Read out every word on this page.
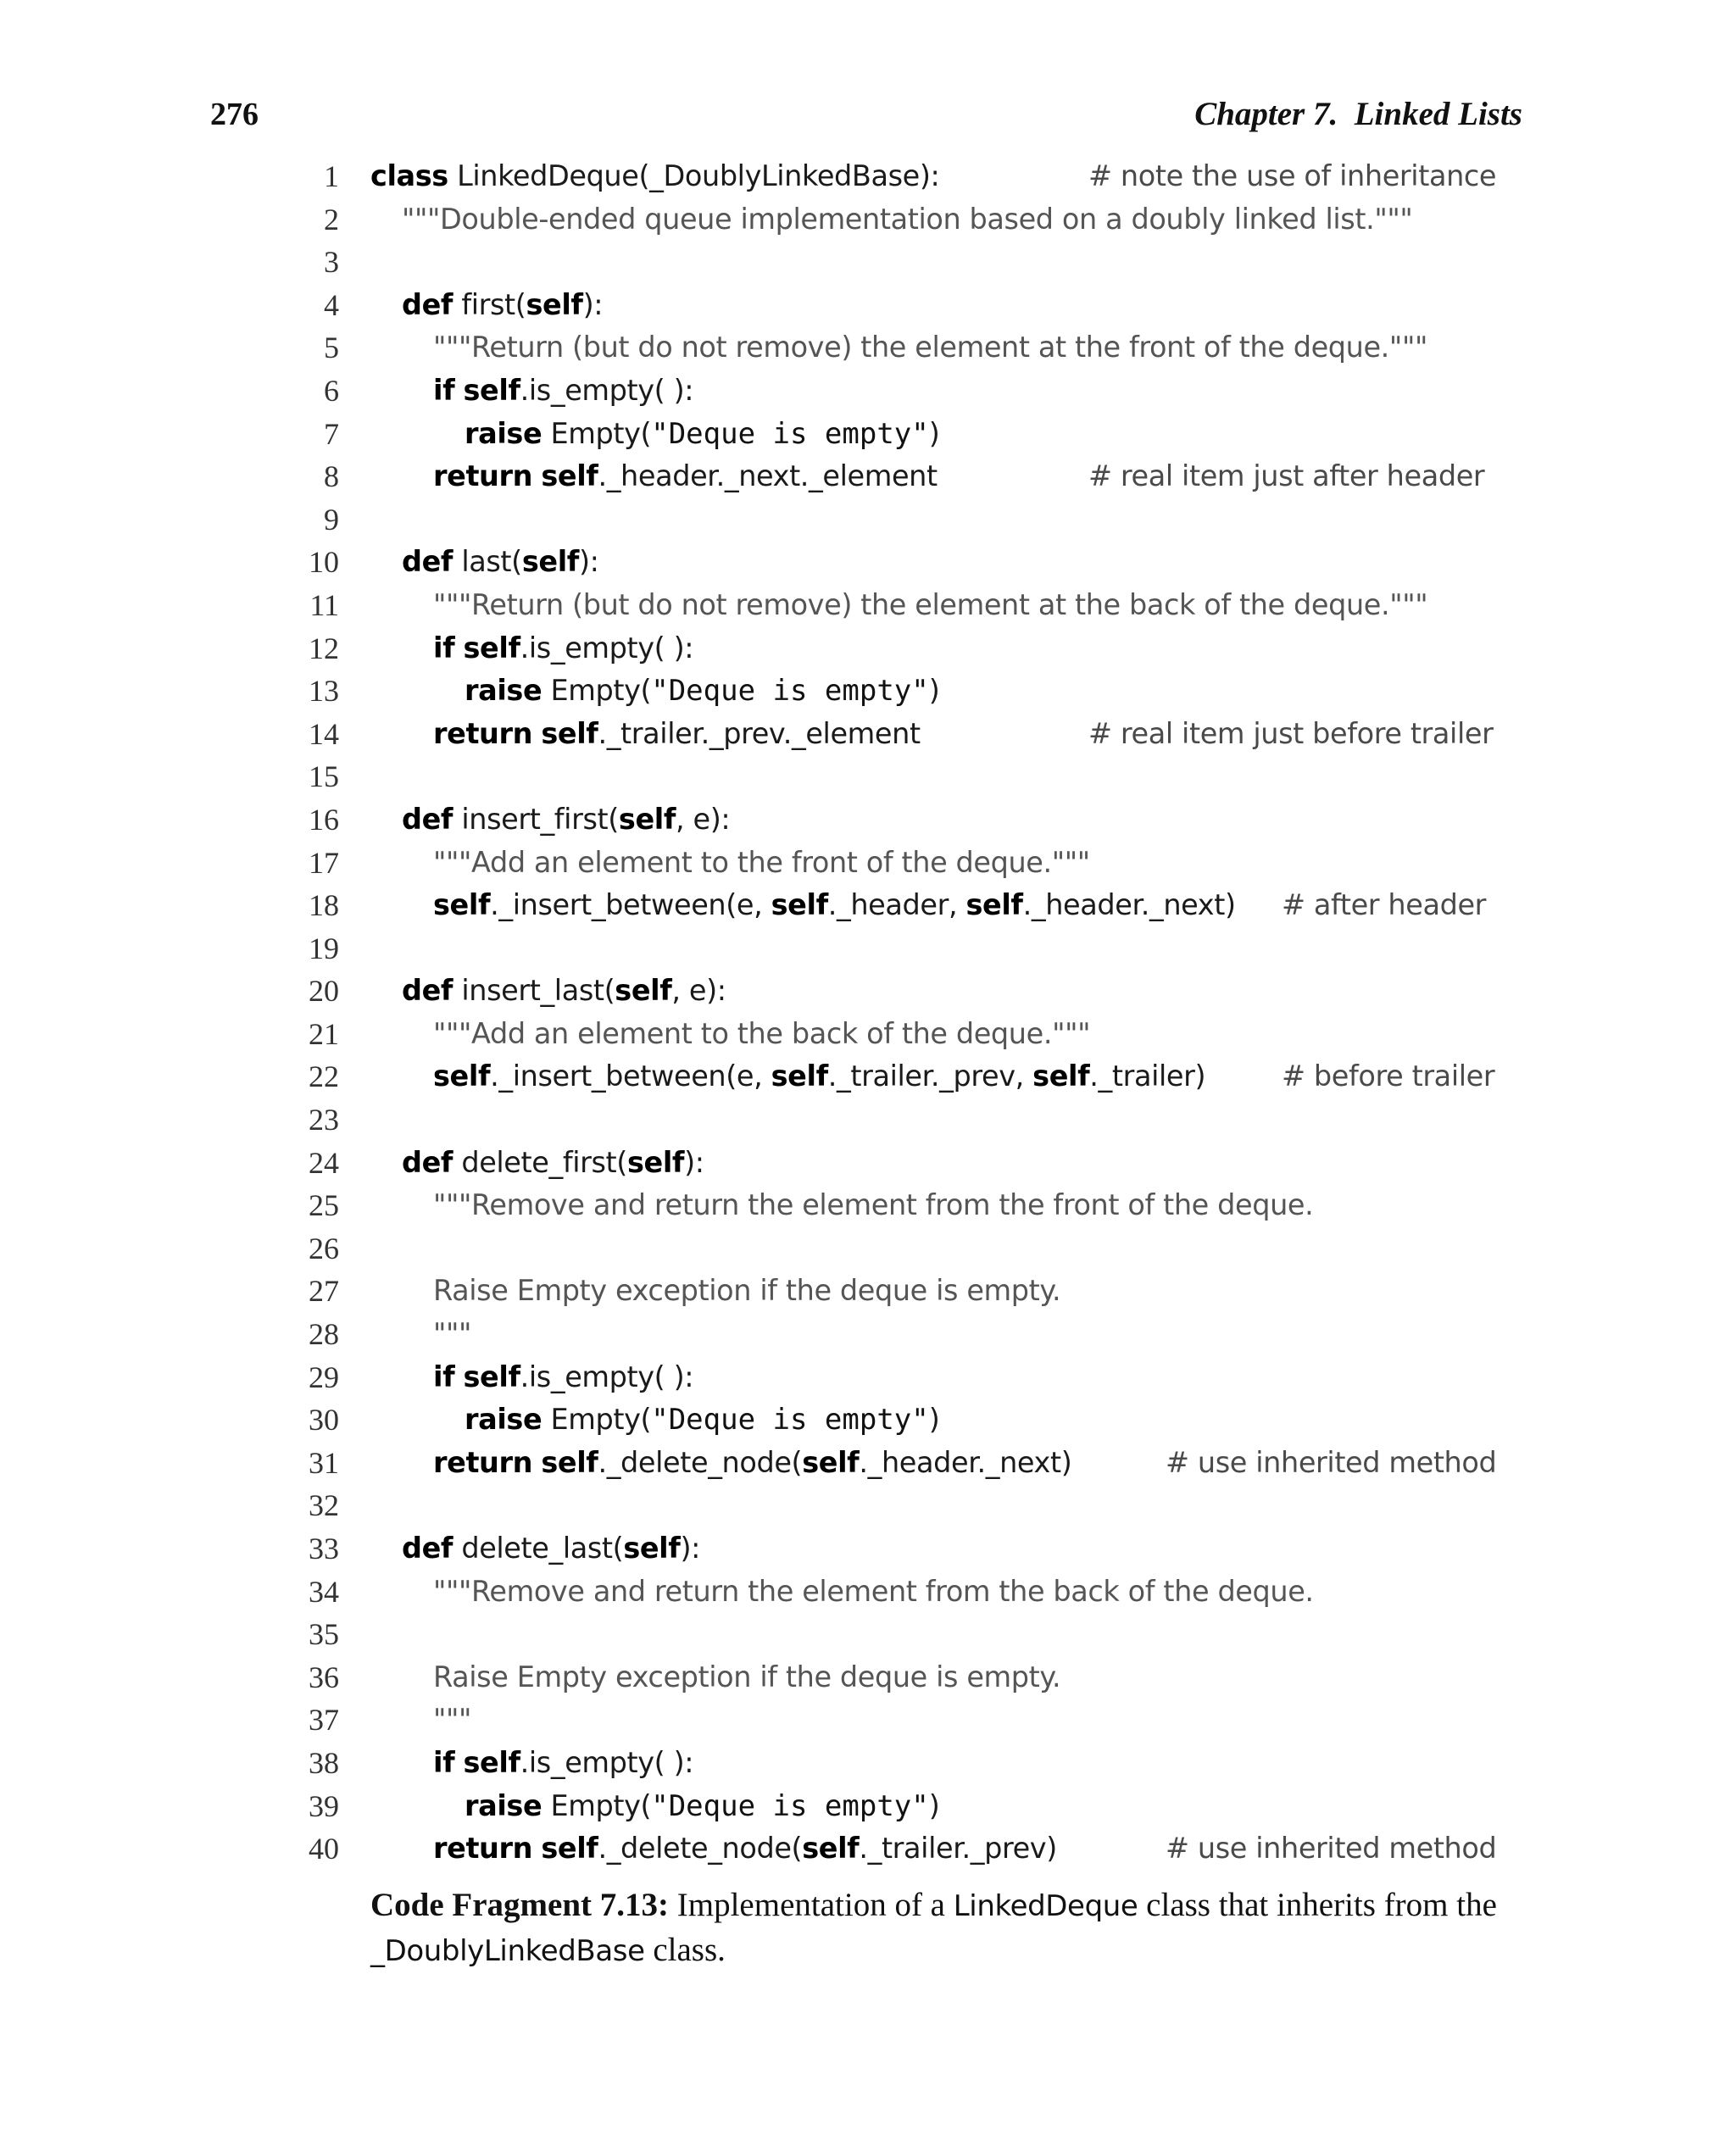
276	Chapter 7.  Linked Lists
1 class LinkedDeque(_DoublyLinkedBase):	# note the use of inheritance
2 """Double-ended queue implementation based on a doubly linked list."""
3
4 def first(self):
5	"""Return (but do not remove) the element at the front of the deque."""
6	if self.is_empty( ):
7	raise Empty("Deque is empty")
8	return self._header._next._element	# real item just after header
9
10 def last(self):
11	"""Return (but do not remove) the element at the back of the deque."""
12	if self.is_empty( ):
13	raise Empty("Deque is empty")
14	return self._trailer._prev._element	# real item just before trailer
15
16 def insert_first(self, e):
17	"""Add an element to the front of the deque."""
18	self._insert_between(e, self._header, self._header._next) # after header
19
20 def insert_last(self, e):
21	"""Add an element to the back of the deque."""
22	self._insert_between(e, self._trailer._prev, self._trailer)	# before trailer
23
24 def delete_first(self):
25	"""Remove and return the element from the front of the deque.
26
27	Raise Empty exception if the deque is empty.
28	"""
29	if self.is_empty( ):
30	raise Empty("Deque is empty")
31	return self._delete_node(self._header._next)	# use inherited method
32
33 def delete_last(self):
34	"""Remove and return the element from the back of the deque.
35
36	Raise Empty exception if the deque is empty.
37	"""
38	if self.is_empty( ):
39	raise Empty("Deque is empty")
40	return self._delete_node(self._trailer._prev)	# use inherited method
Code Fragment 7.13: Implementation of a LinkedDeque class that inherits from the _DoublyLinkedBase class.
